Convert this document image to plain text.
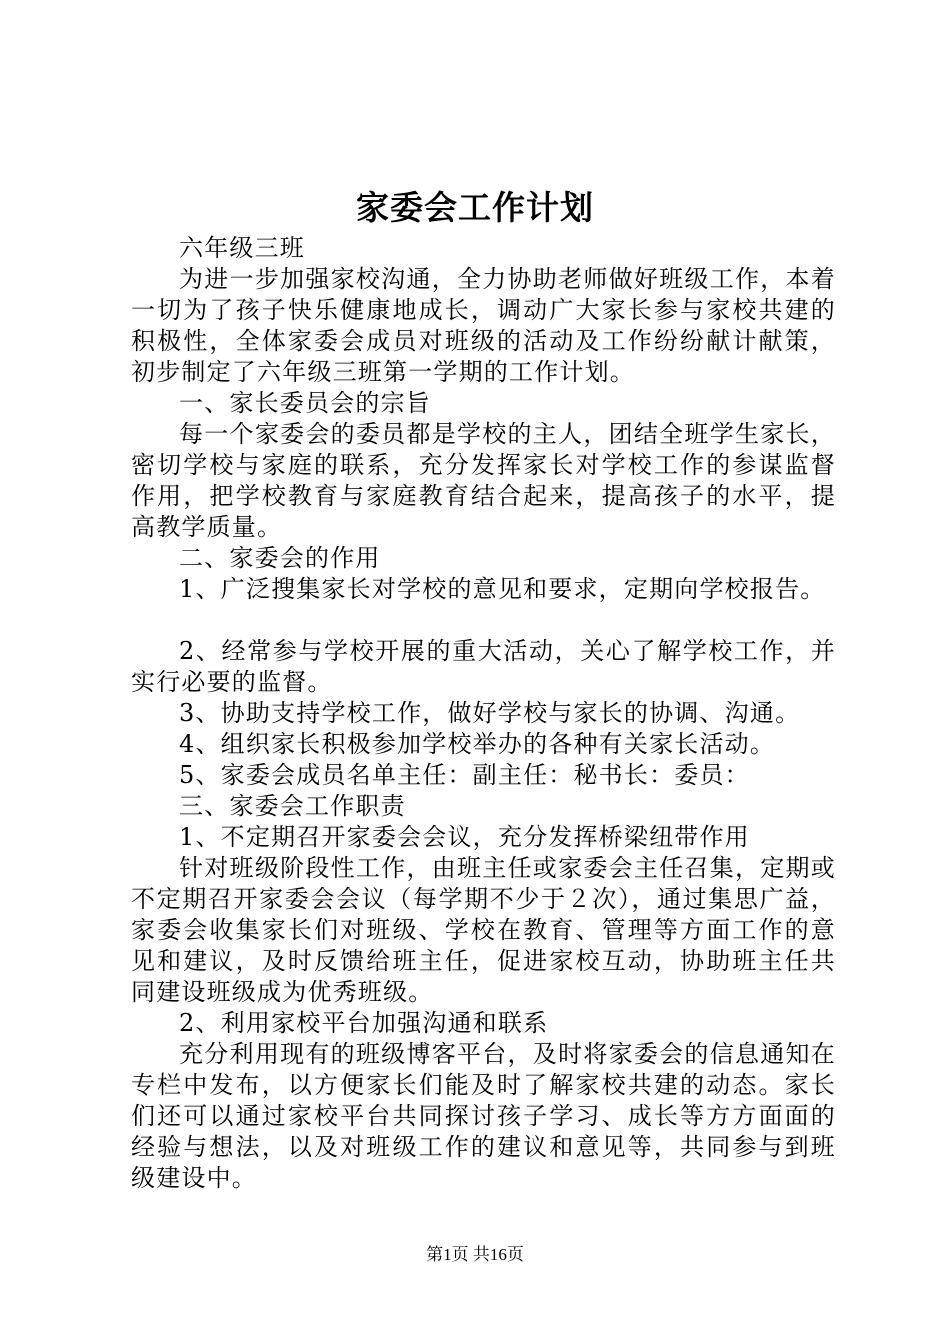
家委会工作计划

六年级三班

为进一步加强家校沟通，全力协助老师做好班级工作，本着一切为了孩子快乐健康地成长，调动广大家长参与家校共建的积极性，全体家委会成员对班级的活动及工作纷纷献计献策，初步制定了六年级三班第一学期的工作计划。

一、家长委员会的宗旨

每一个家委会的委员都是学校的主人，团结全班学生家长，密切学校与家庭的联系，充分发挥家长对学校工作的参谋监督作用，把学校教育与家庭教育结合起来，提高孩子的水平，提高教学质量。

二、家委会的作用

1、广泛搜集家长对学校的意见和要求，定期向学校报告。

2、经常参与学校开展的重大活动，关心了解学校工作，并实行必要的监督。

3、协助支持学校工作，做好学校与家长的协调、沟通。

4、组织家长积极参加学校举办的各种有关家长活动。

5、家委会成员名单主任：副主任：秘书长：委员：

三、家委会工作职责

1、不定期召开家委会会议，充分发挥桥梁纽带作用

针对班级阶段性工作，由班主任或家委会主任召集，定期或不定期召开家委会会议（每学期不少于２次），通过集思广益，家委会收集家长们对班级、学校在教育、管理等方面工作的意见和建议，及时反馈给班主任，促进家校互动，协助班主任共同建设班级成为优秀班级。

2、利用家校平台加强沟通和联系

充分利用现有的班级博客平台，及时将家委会的信息通知在专栏中发布，以方便家长们能及时了解家校共建的动态。家长们还可以通过家校平台共同探讨孩子学习、成长等方方面面的经验与想法，以及对班级工作的建议和意见等，共同参与到班级建设中。

第1页 共16页
